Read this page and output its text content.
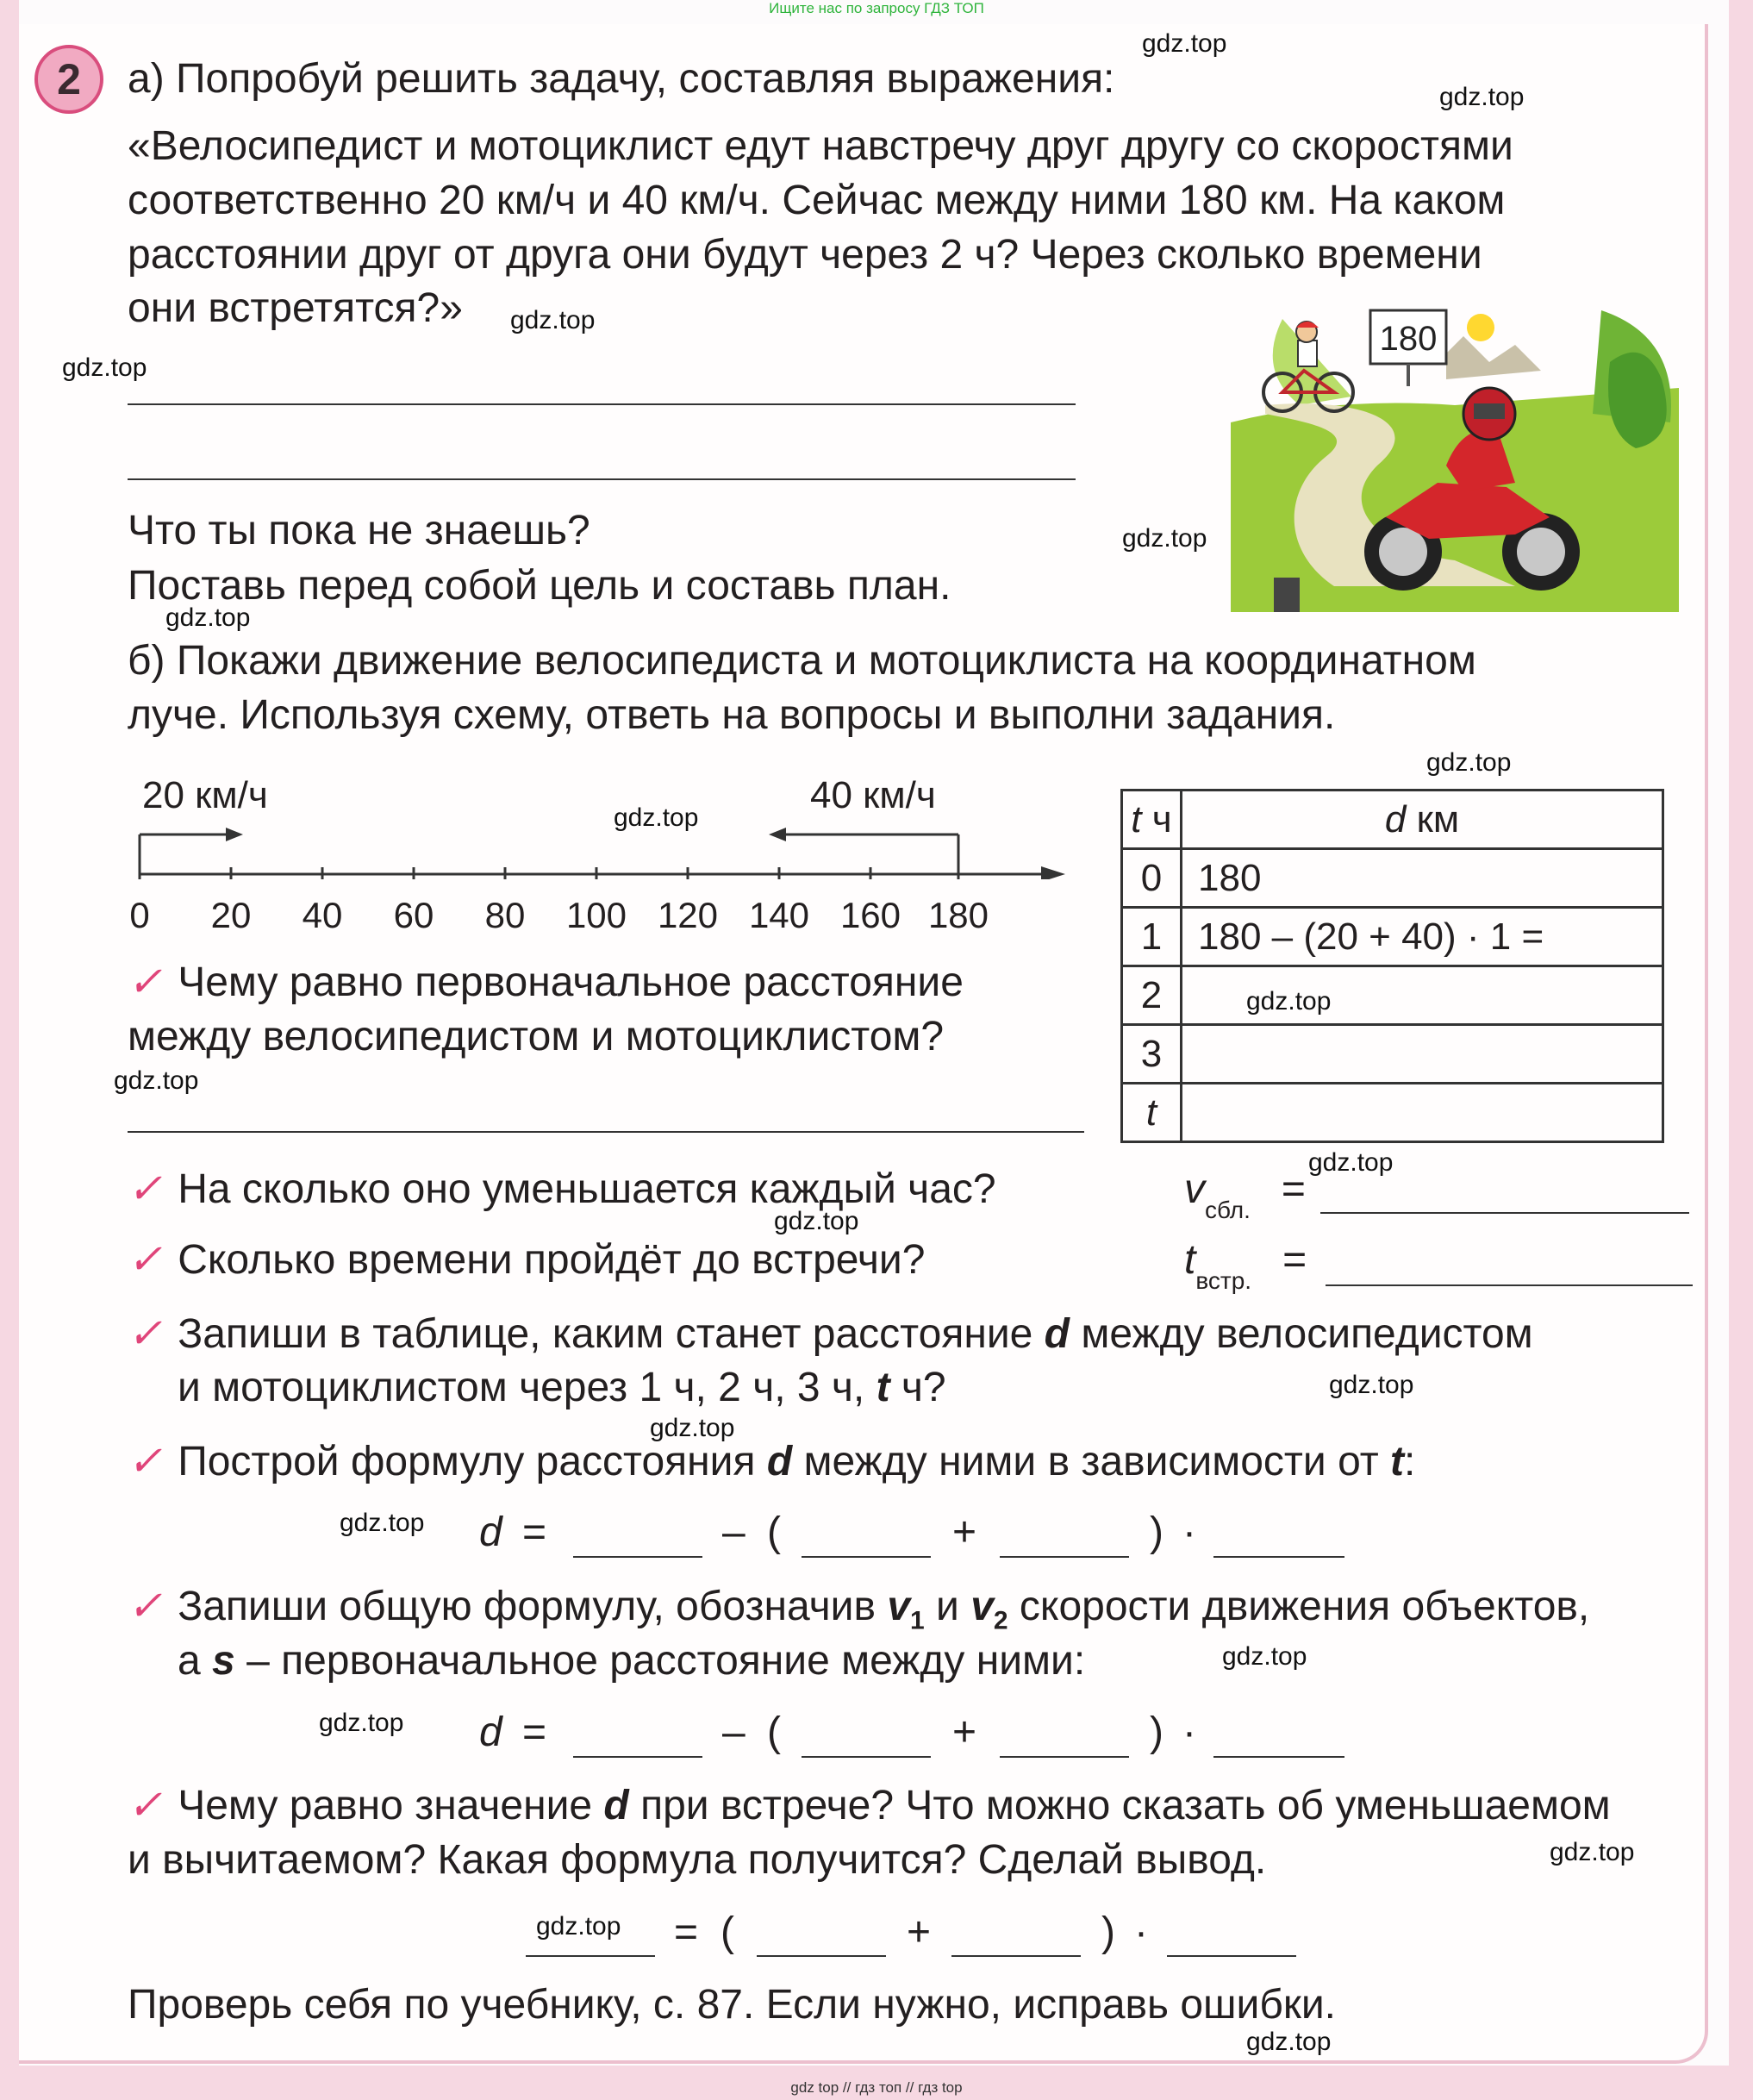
Ищите нас по запросу ГДЗ ТОП
2	а) Попробуй решить задачу, составляя выражения:
«Велосипедист и мотоциклист едут навстречу друг другу со скоростями
соответственно 20 км/ч и 40 км/ч. Сейчас между ними 180 км. На каком
расстоянии друг от друга они будут через 2 ч? Через сколько времени
они встретятся?»
Что ты пока не знаешь?
Поставь перед собой цель и составь план.
180
б) Покажи движение велосипедиста и мотоциклиста на координатном
луче. Используя схему, ответь на вопросы и выполни задания.
20 км/ч	40 км/ч
0	20	40	60	80	100 120 140 160 180
t ч	d км
0	180
1	180 – (20 + 40) · 1 =
2	
3	
t	
✓ Чему равно первоначальное расстояние
между велосипедистом и мотоциклистом?
✓ На сколько оно уменьшается каждый час?	$v_{сбл.}$ =
✓ Сколько времени пройдёт до встречи?	$t_{встр.}$ =
✓ Запиши в таблице, каким станет расстояние d между велосипедистом
и мотоциклистом через 1 ч, 2 ч, 3 ч, t ч?
✓ Построй формулу расстояния d между ними в зависимости от t:
d =	– (	+	) ·
✓ Запиши общую формулу, обозначив $v_1$ и $v_2$ скорости движения объектов,
а s – первоначальное расстояние между ними:
d =	– (	+	) ·
✓ Чему равно значение d при встрече? Что можно сказать об уменьшаемом
и вычитаемом? Какая формула получится? Сделай вывод.
= (	+	) ·
Проверь себя по учебнику, с. 87. Если нужно, исправь ошибки.
gdz.top
gdz.top
gdz.top
gdz.top
gdz.top
gdz.top
gdz.top
gdz.top
gdz.top
gdz.top
gdz.top
gdz.top
gdz.top
gdz.top
gdz.top
gdz.top
gdz.top
gdz.top
gdz.top
gdz.top
gdz top // гдз топ // гдз top
